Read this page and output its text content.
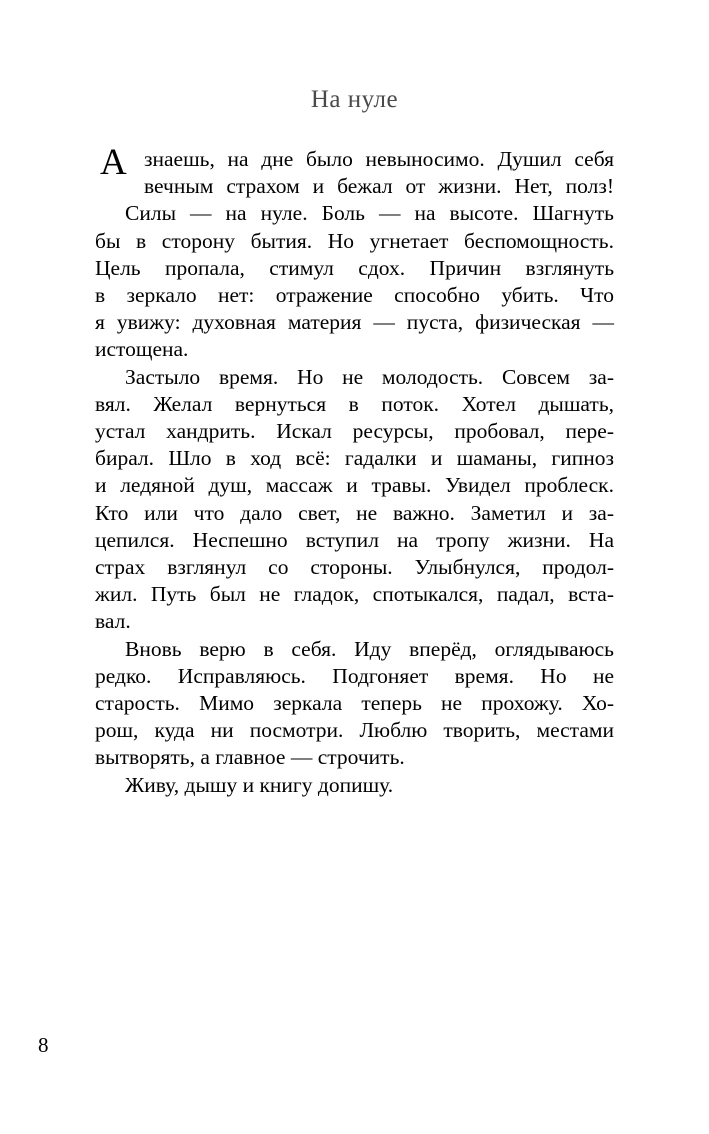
На нуле
А знаешь, на дне было невыносимо. Душил себя
вечным страхом и бежал от жизни. Нет, полз!
Силы — на нуле. Боль — на высоте. Шагнуть
бы в сторону бытия. Но угнетает беспомощность.
Цель пропала, стимул сдох. Причин взглянуть
в зеркало нет: отражение способно убить. Что
я увижу: духовная материя — пуста, физическая —
истощена.

Застыло время. Но не молодость. Совсем за-
вял. Желал вернуться в поток. Хотел дышать,
устал хандрить. Искал ресурсы, пробовал, пере-
бирал. Шло в ход всё: гадалки и шаманы, гипноз
и ледяной душ, массаж и травы. Увидел проблеск.
Кто или что дало свет, не важно. Заметил и за-
цепился. Неспешно вступил на тропу жизни. На
страх взглянул со стороны. Улыбнулся, продол-
жил. Путь был не гладок, спотыкался, падал, вста-
вал.

Вновь верю в себя. Иду вперёд, оглядываюсь
редко. Исправляюсь. Подгоняет время. Но не
старость. Мимо зеркала теперь не прохожу. Хо-
рош, куда ни посмотри. Люблю творить, местами
вытворять, а главное — строчить.

Живу, дышу и книгу допишу.

8
